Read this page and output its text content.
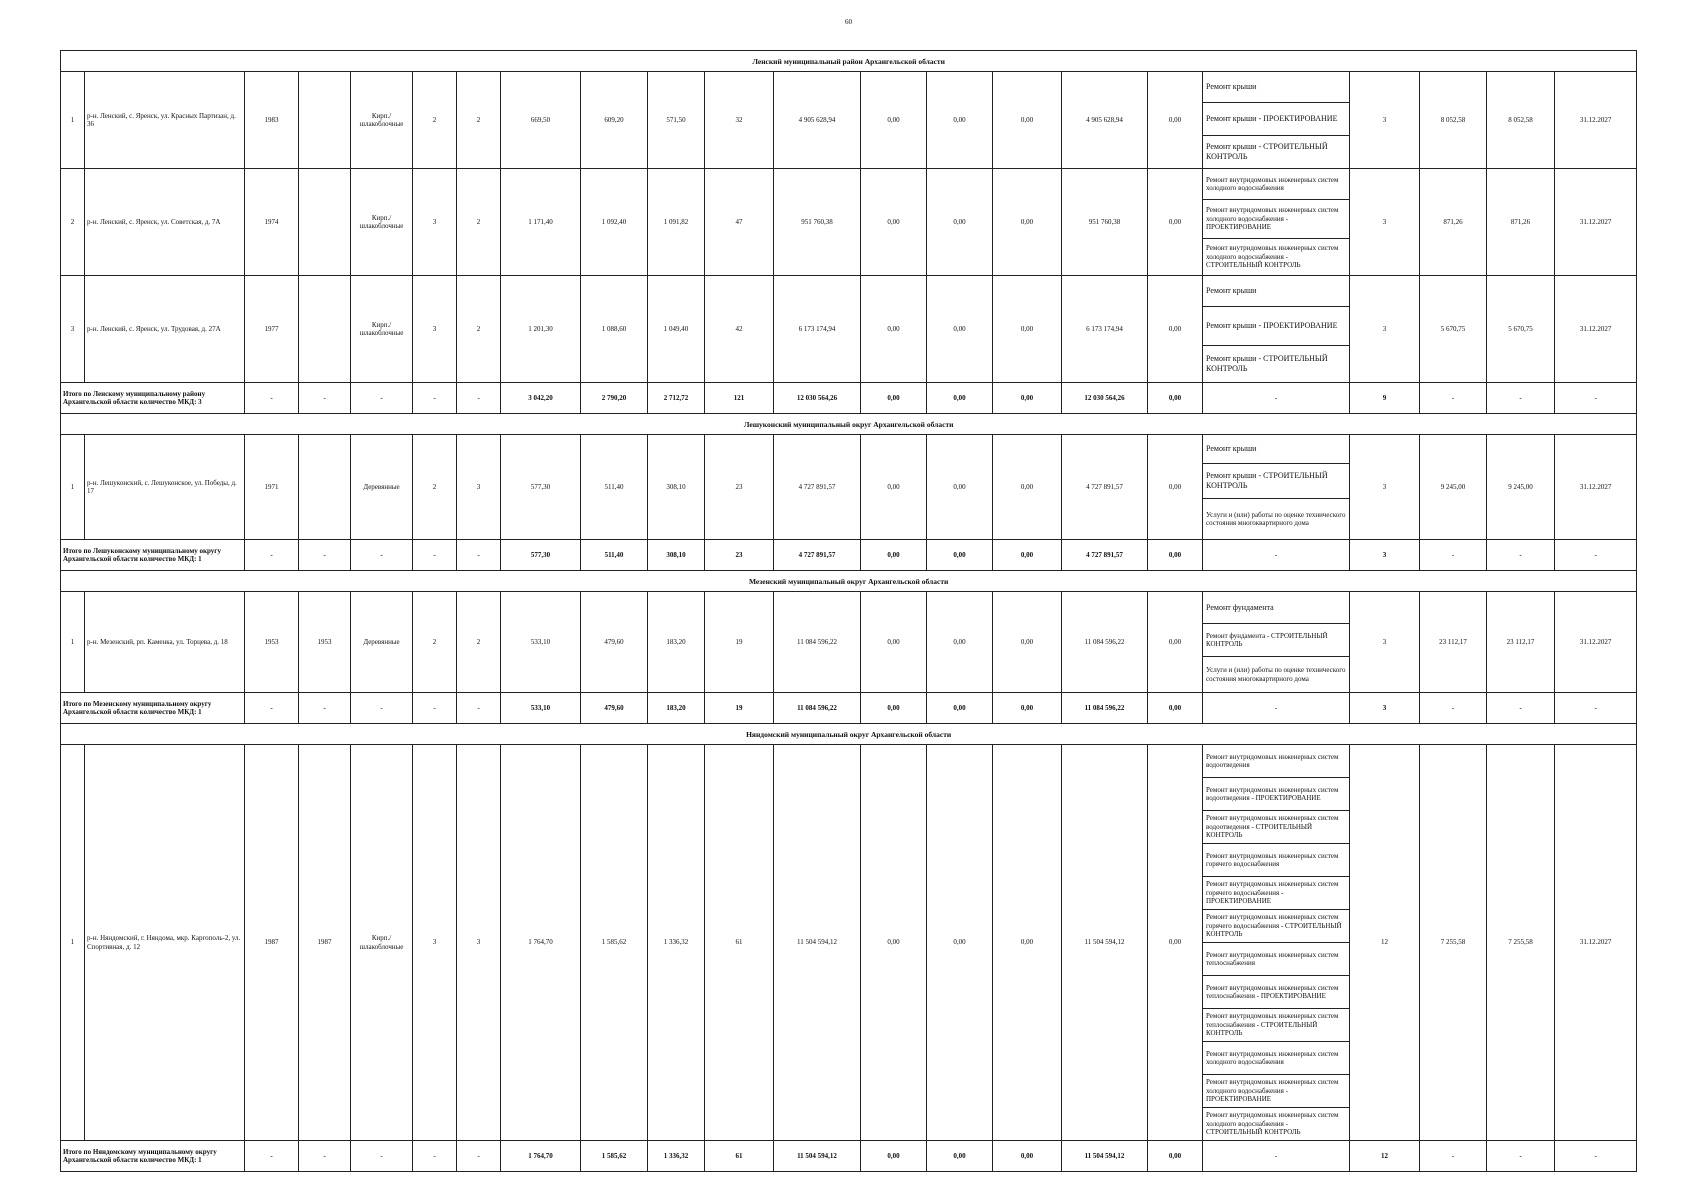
60
Ленский муниципальный район Архангельской области																					
1	р-н. Ленский, с. Яренск, ул. Красных Партизан, д. 36	1983		Кирп./шлакоблочные	2	2	669,50	609,20	571,50	32	4 905 628,94	0,00	0,00	0,00	4 905 628,94	0,00	Ремонт крыши	3	8 052,58	8 052,58	31.12.2027
																	Ремонт крыши - ПРОЕКТИРОВАНИЕ				
																	Ремонт крыши - СТРОИТЕЛЬНЫЙ КОНТРОЛЬ				
2	р-н. Ленский, с. Яренск, ул. Советская, д. 7А	1974		Кирп./шлакоблочные	3	2	1 171,40	1 092,40	1 091,82	47	951 760,38	0,00	0,00	0,00	951 760,38	0,00	Ремонт внутридомовых инженерных систем холодного водоснабжения	3	871,26	871,26	31.12.2027
																	Ремонт внутридомовых инженерных систем холодного водоснабжения - ПРОЕКТИРОВАНИЕ				
																	Ремонт внутридомовых инженерных систем холодного водоснабжения - СТРОИТЕЛЬНЫЙ КОНТРОЛЬ				
3	р-н. Ленский, с. Яренск, ул. Трудовая, д. 27А	1977		Кирп./шлакоблочные	3	2	1 201,30	1 088,60	1 049,40	42	6 173 174,94	0,00	0,00	0,00	6 173 174,94	0,00	Ремонт крыши	3	5 670,75	5 670,75	31.12.2027
																	Ремонт крыши - ПРОЕКТИРОВАНИЕ				
																	Ремонт крыши - СТРОИТЕЛЬНЫЙ КОНТРОЛЬ				
Итого по Ленскому муниципальному району Архангельской области количество МКД: 3		-	-	-	-	-	3 042,20	2 790,20	2 712,72	121	12 030 564,26	0,00	0,00	0,00	12 030 564,26	0,00	-	9	-	-	-
Лешуконский муниципальный округ Архангельской области																					
1	р-н. Лешуконский, с. Лешуконское, ул. Победы, д. 17	1971		Деревянные	2	3	577,30	511,40	308,10	23	4 727 891,57	0,00	0,00	0,00	4 727 891,57	0,00	Ремонт крыши	3	9 245,00	9 245,00	31.12.2027
																	Ремонт крыши - СТРОИТЕЛЬНЫЙ КОНТРОЛЬ				
																	Услуги и (или) работы по оценке технического состояния многоквартирного дома				
Итого по Лешуконскому муниципальному округу Архангельской области количество МКД: 1		-	-	-	-	-	577,30	511,40	308,10	23	4 727 891,57	0,00	0,00	0,00	4 727 891,57	0,00	-	3	-	-	-
Мезенский муниципальный округ Архангельской области																					
1	р-н. Мезенский, рп. Каменка, ул. Торцева, д. 18	1953	1953	Деревянные	2	2	533,10	479,60	183,20	19	11 084 596,22	0,00	0,00	0,00	11 084 596,22	0,00	Ремонт фундамента	3	23 112,17	23 112,17	31.12.2027
																	Ремонт фундамента - СТРОИТЕЛЬНЫЙ КОНТРОЛЬ				
																	Услуги и (или) работы по оценке технического состояния многоквартирного дома				
Итого по Мезенскому муниципальному округу Архангельской области количество МКД: 1		-	-	-	-	-	533,10	479,60	183,20	19	11 084 596,22	0,00	0,00	0,00	11 084 596,22	0,00	-	3	-	-	-
Няндомский муниципальный округ Архангельской области																					
1	р-н. Няндомский, г. Няндома, мкр. Каргополь-2, ул. Спортивная, д. 12	1987	1987	Кирп./шлакоблочные	3	3	1 764,70	1 585,62	1 336,32	61	11 504 594,12	0,00	0,00	0,00	11 504 594,12	0,00	Ремонт внутридомовых инженерных систем водоотведения	12	7 255,58	7 255,58	31.12.2027
																	Ремонт внутридомовых инженерных систем водоотведения - ПРОЕКТИРОВАНИЕ				
																	Ремонт внутридомовых инженерных систем водоотведения - СТРОИТЕЛЬНЫЙ КОНТРОЛЬ				
																	Ремонт внутридомовых инженерных систем горячего водоснабжения				
																	Ремонт внутридомовых инженерных систем горячего водоснабжения - ПРОЕКТИРОВАНИЕ				
																	Ремонт внутридомовых инженерных систем горячего водоснабжения - СТРОИТЕЛЬНЫЙ КОНТРОЛЬ				
																	Ремонт внутридомовых инженерных систем теплоснабжения				
																	Ремонт внутридомовых инженерных систем теплоснабжения - ПРОЕКТИРОВАНИЕ				
																	Ремонт внутридомовых инженерных систем теплоснабжения - СТРОИТЕЛЬНЫЙ КОНТРОЛЬ				
																	Ремонт внутридомовых инженерных систем холодного водоснабжения				
																	Ремонт внутридомовых инженерных систем холодного водоснабжения - ПРОЕКТИРОВАНИЕ				
																	Ремонт внутридомовых инженерных систем холодного водоснабжения - СТРОИТЕЛЬНЫЙ КОНТРОЛЬ				
Итого по Няндомскому муниципальному округу Архангельской области количество МКД: 1		-	-	-	-	-	1 764,70	1 585,62	1 336,32	61	11 504 594,12	0,00	0,00	0,00	11 504 594,12	0,00	-	12	-	-	-
